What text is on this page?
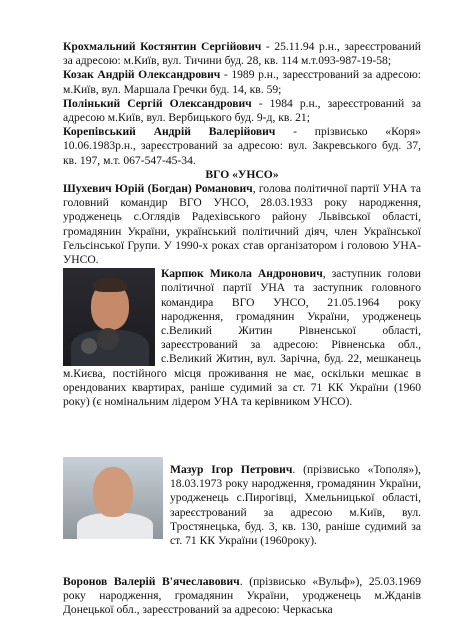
Крохмальний Костянтин Сергійович - 25.11.94 р.н., зареєстрований за адресою: м.Київ, вул. Тичини буд. 28, кв. 114 м.т.093-987-19-58;

Козак Андрій Олександрович - 1989 р.н., зареєстрований за адресою: м.Київ, вул. Маршала Гречки буд. 14, кв. 59;

Полінький Сергій Олександрович - 1984 р.н., зареєстрований за адресою м.Київ, вул. Вербицького буд. 9-д, кв. 21;

Корепівський Андрій Валерійович - прізвисько «Коря» 10.06.1983р.н., зареєстрований за адресою: вул. Закревського буд. 37, кв. 197, м.т. 067-547-45-34.

ВГО «УНСО»

Шухевич Юрій (Богдан) Романович, голова політичної партії УНА та головний командир ВГО УНСО, 28.03.1933 року народження, уродженець с.Оглядів Радехівського району Львівської області, громадянин України, український політичний діяч, член Української Гельсінської Групи. У 1990-х роках став організатором і головою УНА-УНСО.

Карпюк Микола Андронович, заступник голови політичної партії УНА та заступник головного командира ВГО УНСО, 21.05.1964 року народження, громадянин України, уродженець с.Великий Житин Рівненської області, зареєстрований за адресою: Рівненська обл., с.Великий Житин, вул. Зарічна, буд. 22, мешканець м.Києва, постійного місця проживання не має, оскільки мешкає в орендованих квартирах, раніше судимий за ст. 71 КК України (1960 року) (є номінальним лідером УНА та керівником УНСО).

Мазур Ігор Петрович. (прізвисько «Тополя»), 18.03.1973 року народження, громадянин України, уродженець с.Пирогівці, Хмельницької області, зареєстрований за адресою м.Київ, вул. Тростянецька, буд. 3, кв. 130, раніше судимий за ст. 71 КК України (1960року).

Воронов Валерій В'ячеславович. (прізвисько «Вульф»), 25.03.1969 року народження, громадянин України, уродженець м.Жданів Донецької обл., зареєстрований за адресою: Черкаська
